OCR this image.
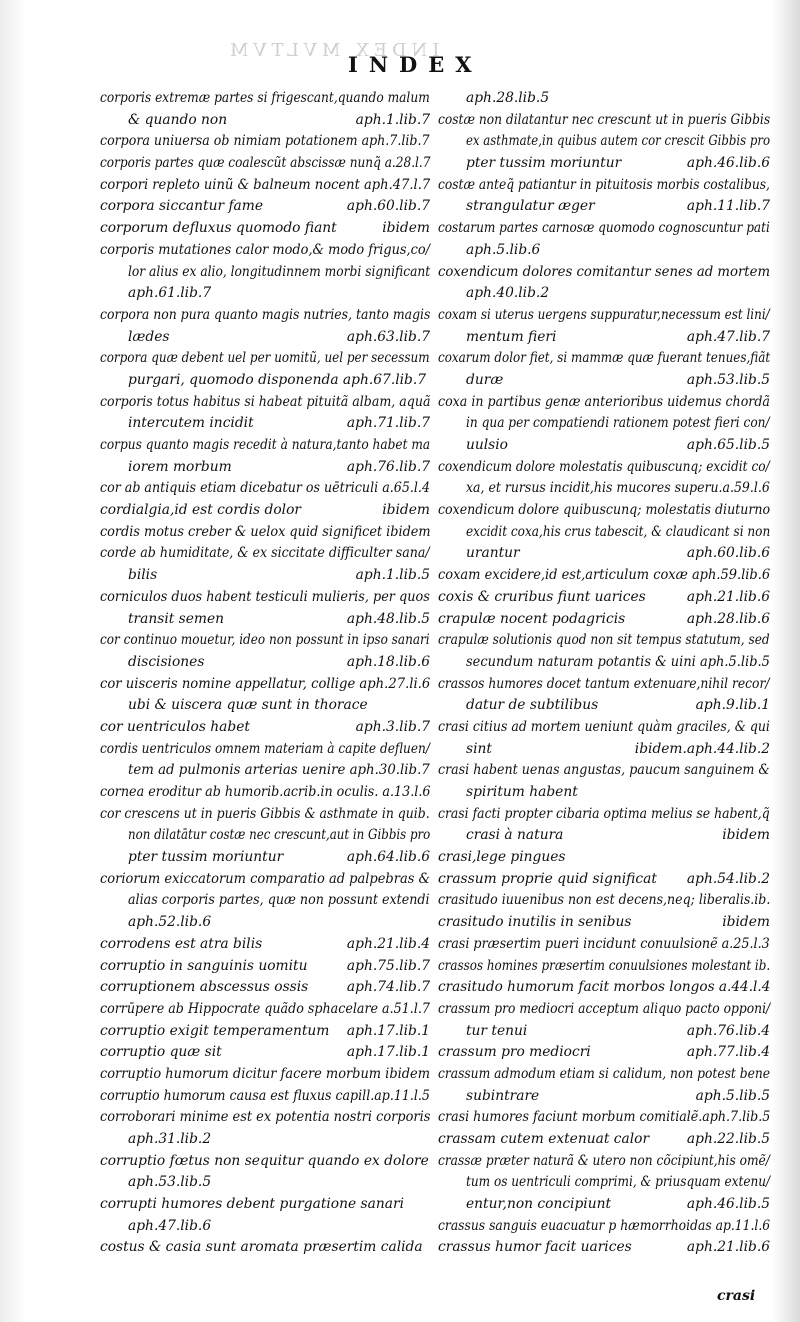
INDEX MVLTVM
INDEX
corporis extremæ partes si frigescant,quando malum
& quando non	aph.1.lib.7
corpora uniuersa ob nimiam potationem aph.7.lib.7
corporis partes quæ coalescũt abscissæ nunq̃ a.28.l.7
corpori repleto uinũ & balneum nocent aph.47.l.7
corpora siccantur fame	aph.60.lib.7
corporum defluxus quomodo fiant	ibidem
corporis mutationes calor modo,& modo frigus,co/
lor alius ex alio, longitudinnem morbi significant
aph.61.lib.7
corpora non pura quanto magis nutries, tanto magis
lædes	aph.63.lib.7
corpora quæ debent uel per uomitũ, uel per secessum
purgari, quomodo disponenda aph.67.lib.7
corporis totus habitus si habeat pituitã albam, aquã
intercutem incidit	aph.71.lib.7
corpus quanto magis recedit à natura,tanto habet ma
iorem morbum	aph.76.lib.7
cor ab antiquis etiam dicebatur os uētriculi a.65.l.4
cordialgia,id est cordis dolor	ibidem
cordis motus creber & uelox quid significet ibidem
corde ab humiditate, & ex siccitate difficulter sana/
bilis	aph.1.lib.5
corniculos duos habent testiculi mulieris, per quos
transit semen	aph.48.lib.5
cor continuo mouetur, ideo non possunt in ipso sanari
discisiones	aph.18.lib.6
cor uisceris nomine appellatur, collige aph.27.li.6
ubi & uiscera quæ sunt in thorace
cor uentriculos habet	aph.3.lib.7
cordis uentriculos omnem materiam à capite defluen/
tem ad pulmonis arterias uenire aph.30.lib.7
cornea eroditur ab humorib.acrib.in oculis. a.13.l.6
cor crescens ut in pueris Gibbis & asthmate in quib.
non dilatātur costæ nec crescunt,aut in Gibbis pro
pter tussim moriuntur	aph.64.lib.6
coriorum exiccatorum comparatio ad palpebras &
alias corporis partes, quæ non possunt extendi
aph.52.lib.6
corrodens est atra bilis	aph.21.lib.4
corruptio in sanguinis uomitu	aph.75.lib.7
corruptionem abscessus ossis	aph.74.lib.7
corrūpere ab Hippocrate quãdo sphacelare a.51.l.7
corruptio exigit temperamentum aph.17.lib.1
corruptio quæ sit	aph.17.lib.1
corruptio humorum dicitur facere morbum ibidem
corruptio humorum causa est fluxus capill.ap.11.l.5
corroborari minime est ex potentia nostri corporis
aph.31.lib.2
corruptio fœtus non sequitur quando ex dolore
aph.53.lib.5
corrupti humores debent purgatione sanari
aph.47.lib.6
costus & casia sunt aromata præsertim calida
aph.28.lib.5
costæ non dilatantur nec crescunt ut in pueris Gibbis
ex asthmate,in quibus autem cor crescit Gibbis pro
pter tussim moriuntur	aph.46.lib.6
costæ anteq̃ patiantur in pituitosis morbis costalibus,
strangulatur æger	aph.11.lib.7
costarum partes carnosæ quomodo cognoscuntur pati
aph.5.lib.6
coxendicum dolores comitantur senes ad mortem
aph.40.lib.2
coxam si uterus uergens suppuratur,necessum est lini/
mentum fieri	aph.47.lib.7
coxarum dolor fiet, si mammæ quæ fuerant tenues,fiãt
duræ	aph.53.lib.5
coxa in partibus genæ anterioribus uidemus chordã
in qua per compatiendi rationem potest fieri con/
uulsio	aph.65.lib.5
coxendicum dolore molestatis quibuscunq; excidit co/
xa, et rursus incidit,his mucores superu.a.59.l.6
coxendicum dolore quibuscunq; molestatis diuturno
excidit coxa,his crus tabescit, & claudicant si non
urantur	aph.60.lib.6
coxam excidere,id est,articulum coxæ aph.59.lib.6
coxis & cruribus fiunt uarices	aph.21.lib.6
crapulæ nocent podagricis	aph.28.lib.6
crapulæ solutionis quod non sit tempus statutum, sed
secundum naturam potantis & uini aph.5.lib.5
crassos humores docet tantum extenuare,nihil recor/
datur de subtilibus	aph.9.lib.1
crasi citius ad mortem ueniunt quàm graciles, & qui
sint	ibidem.aph.44.lib.2
crasi habent uenas angustas, paucum sanguinem &
spiritum habent
crasi facti propter cibaria optima melius se habent,q̃
crasi à natura	ibidem
crasi,lege pingues
crassum proprie quid significat aph.54.lib.2
crasitudo iuuenibus non est decens,neq; liberalis.ib.
crasitudo inutilis in senibus	ibidem
crasi præsertim pueri incidunt conuulsionẽ a.25.l.3
crassos homines præsertim conuulsiones molestant ib.
crasitudo humorum facit morbos longos a.44.l.4
crassum pro mediocri acceptum aliquo pacto opponi/
tur tenui	aph.76.lib.4
crassum pro mediocri	aph.77.lib.4
crassum admodum etiam si calidum, non potest bene
subintrare	aph.5.lib.5
crasi humores faciunt morbum comitialẽ.aph.7.lib.5
crassam cutem extenuat calor	aph.22.lib.5
crassæ præter naturã & utero non cõcipiunt,his omẽ/
tum os uentriculi comprimi, & priusquam extenu/
entur,non concipiunt	aph.46.lib.5
crassus sanguis euacuatur p hæmorrhoidas ap.11.l.6
crassus humor facit uarices	aph.21.lib.6
crasi
